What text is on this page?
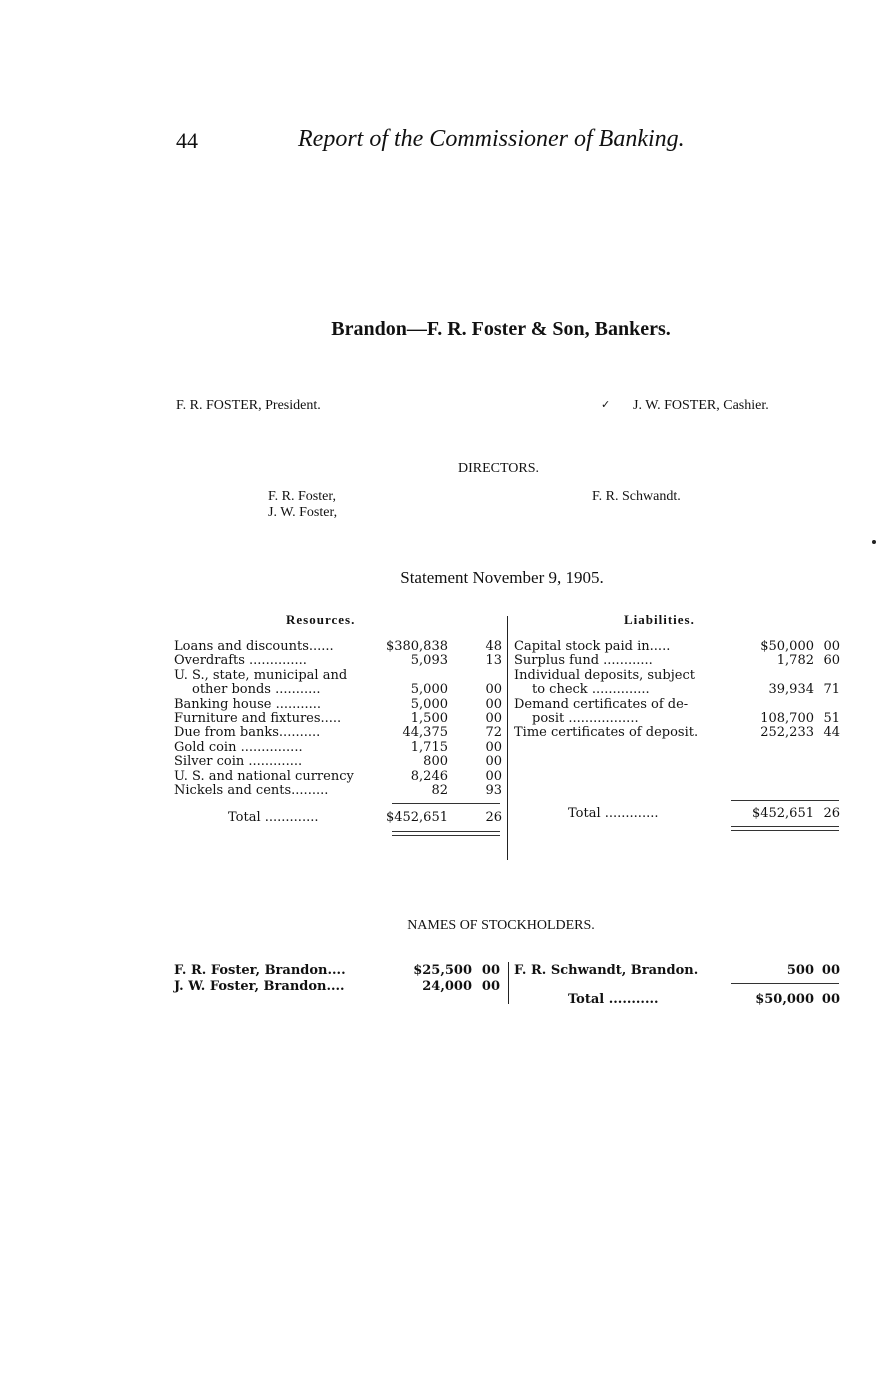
44	Report of the Commissioner of Banking.
Brandon—F. R. Foster & Son, Bankers.
F. R. FOSTER, President.	✓ J. W. FOSTER, Cashier.
DIRECTORS.
F. R. Foster,
J. W. Foster,
F. R. Schwandt.
Statement November 9, 1905.
Resources.	Liabilities.
Loans and discounts......	$380,838	48
Overdrafts ..............	5,093	13
U. S., state, municipal and
other bonds ...........	5,000	00
Banking house ...........	5,000	00
Furniture and fixtures.....	1,500	00
Due from banks..........	44,375	72
Gold coin ...............	1,715	00
Silver coin .............	800	00
U. S. and national currency	8,246	00
Nickels and cents.........	82	93
Total .............	$452,651	26
Capital stock paid in.....	$50,000 00
Surplus fund ............	1,782 60
Individual deposits, subject
to check ..............	39,934 71
Demand certificates of de-
posit .................	108,700 51
Time certificates of deposit.	252,233 44
Total .............	$452,651 26
NAMES OF STOCKHOLDERS.
F. R. Foster, Brandon....	$25,500 00
J. W. Foster, Brandon....	24,000 00
F. R. Schwandt, Brandon.	500 00
Total ...........	$50,000 00
